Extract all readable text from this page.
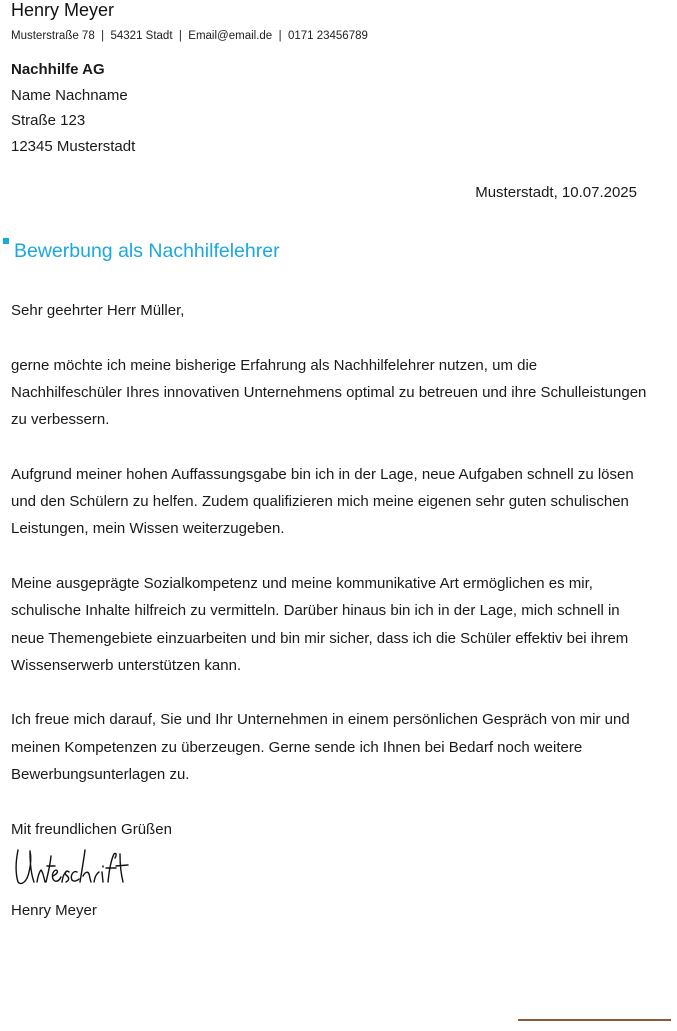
Henry Meyer
Musterstraße 78  |  54321 Stadt  |  Email@email.de  |  0171 23456789
Nachhilfe AG
Name Nachname
Straße 123
12345 Musterstadt
Musterstadt, 10.07.2025
Bewerbung als Nachhilfelehrer

Sehr geehrter Herr Müller,

gerne möchte ich meine bisherige Erfahrung als Nachhilfelehrer nutzen, um die Nachhilfeschüler Ihres innovativen Unternehmens optimal zu betreuen und ihre Schulleistungen zu verbessern.

Aufgrund meiner hohen Auffassungsgabe bin ich in der Lage, neue Aufgaben schnell zu lösen und den Schülern zu helfen. Zudem qualifizieren mich meine eigenen sehr guten schulischen Leistungen, mein Wissen weiterzugeben.

Meine ausgeprägte Sozialkompetenz und meine kommunikative Art ermöglichen es mir, schulische Inhalte hilfreich zu vermitteln. Darüber hinaus bin ich in der Lage, mich schnell in neue Themengebiete einzuarbeiten und bin mir sicher, dass ich die Schüler effektiv bei ihrem Wissenserwerb unterstützen kann.

Ich freue mich darauf, Sie und Ihr Unternehmen in einem persönlichen Gespräch von mir und meinen Kompetenzen zu überzeugen. Gerne sende ich Ihnen bei Bedarf noch weitere Bewerbungsunterlagen zu.

Mit freundlichen Grüßen

Henry Meyer
